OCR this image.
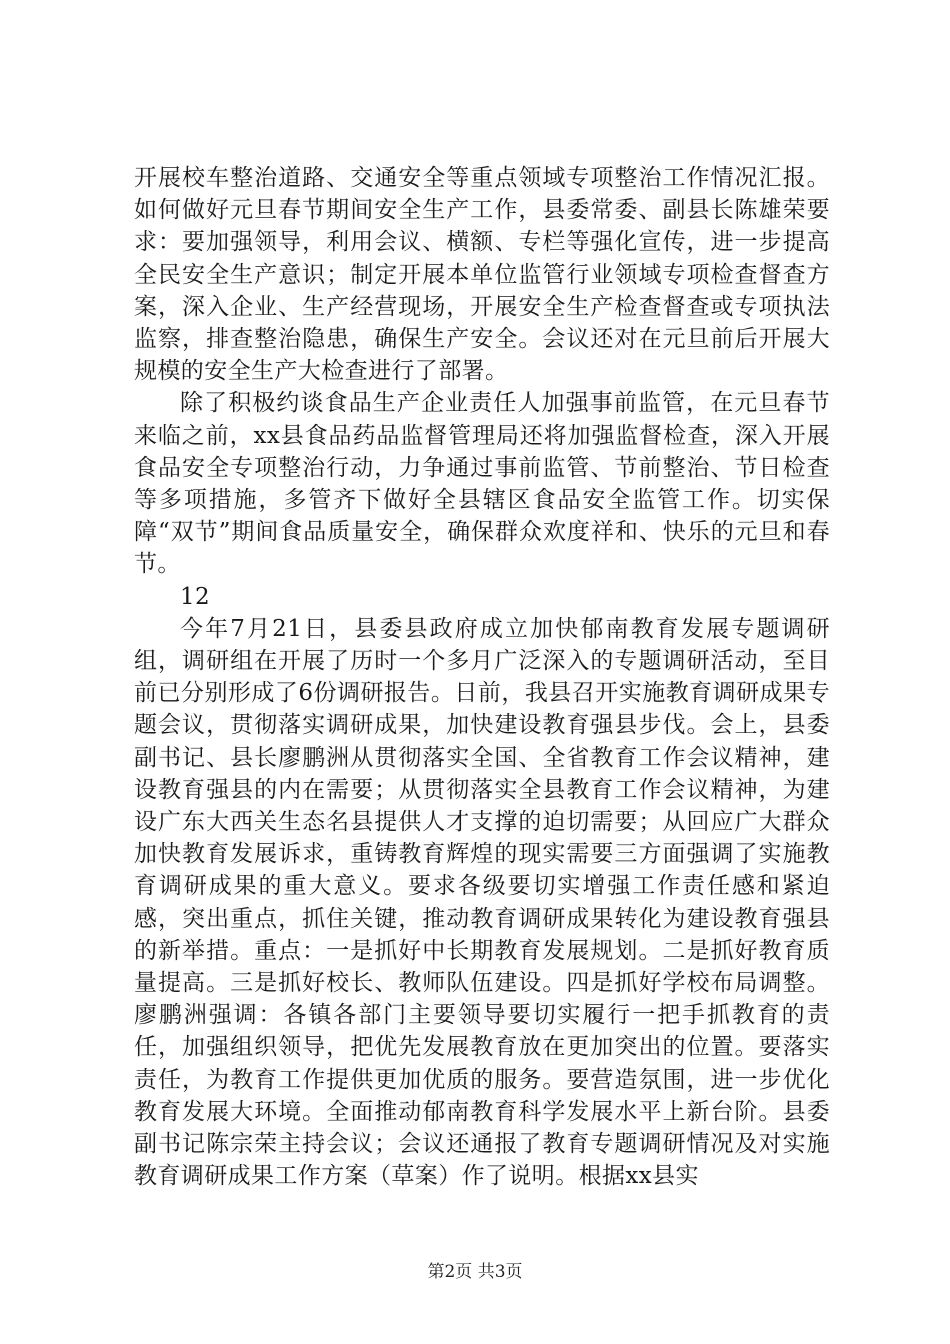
开展校车整治道路、交通安全等重点领域专项整治工作情况汇报。如何做好元旦春节期间安全生产工作，县委常委、副县长陈雄荣要求：要加强领导，利用会议、横额、专栏等强化宣传，进一步提高全民安全生产意识；制定开展本单位监管行业领域专项检查督查方案，深入企业、生产经营现场，开展安全生产检查督查或专项执法监察，排查整治隐患，确保生产安全。会议还对在元旦前后开展大规模的安全生产大检查进行了部署。

除了积极约谈食品生产企业责任人加强事前监管，在元旦春节来临之前，xx县食品药品监督管理局还将加强监督检查，深入开展食品安全专项整治行动，力争通过事前监管、节前整治、节日检查等多项措施，多管齐下做好全县辖区食品安全监管工作。切实保障“双节”期间食品质量安全，确保群众欢度祥和、快乐的元旦和春节。

12

今年7月21日，县委县政府成立加快郁南教育发展专题调研组，调研组在开展了历时一个多月广泛深入的专题调研活动，至目前已分别形成了6份调研报告。日前，我县召开实施教育调研成果专题会议，贯彻落实调研成果，加快建设教育强县步伐。会上，县委副书记、县长廖鹏洲从贯彻落实全国、全省教育工作会议精神，建设教育强县的内在需要；从贯彻落实全县教育工作会议精神，为建设广东大西关生态名县提供人才支撑的迫切需要；从回应广大群众加快教育发展诉求，重铸教育辉煌的现实需要三方面强调了实施教育调研成果的重大意义。要求各级要切实增强工作责任感和紧迫感，突出重点，抓住关键，推动教育调研成果转化为建设教育强县的新举措。重点：一是抓好中长期教育发展规划。二是抓好教育质量提高。三是抓好校长、教师队伍建设。四是抓好学校布局调整。廖鹏洲强调：各镇各部门主要领导要切实履行一把手抓教育的责任，加强组织领导，把优先发展教育放在更加突出的位置。要落实责任，为教育工作提供更加优质的服务。要营造氛围，进一步优化教育发展大环境。全面推动郁南教育科学发展水平上新台阶。县委副书记陈宗荣主持会议；会议还通报了教育专题调研情况及对实施教育调研成果工作方案（草案）作了说明。根据xx县实

第2页 共3页
